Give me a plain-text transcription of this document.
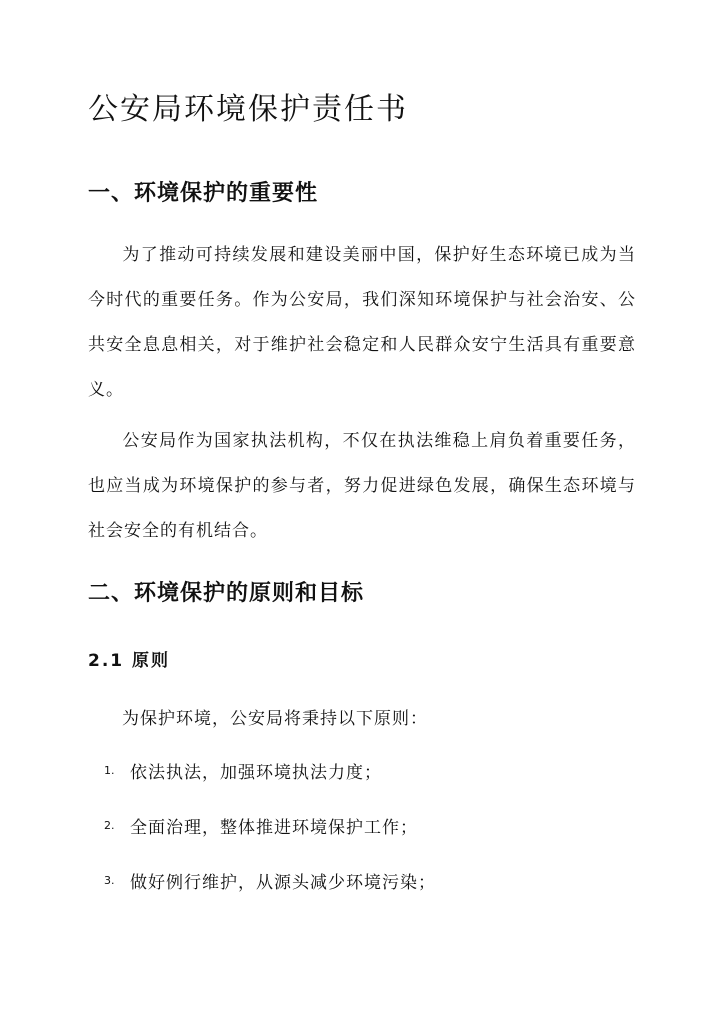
公安局环境保护责任书
一、环境保护的重要性

为了推动可持续发展和建设美丽中国，保护好生态环境已成为当今时代的重要任务。作为公安局，我们深知环境保护与社会治安、公共安全息息相关，对于维护社会稳定和人民群众安宁生活具有重要意义。

公安局作为国家执法机构，不仅在执法维稳上肩负着重要任务，也应当成为环境保护的参与者，努力促进绿色发展，确保生态环境与社会安全的有机结合。

二、环境保护的原则和目标
2.1 原则

为保护环境，公安局将秉持以下原则：

1. 依法执法，加强环境执法力度；

2. 全面治理，整体推进环境保护工作；

3. 做好例行维护，从源头减少环境污染；
